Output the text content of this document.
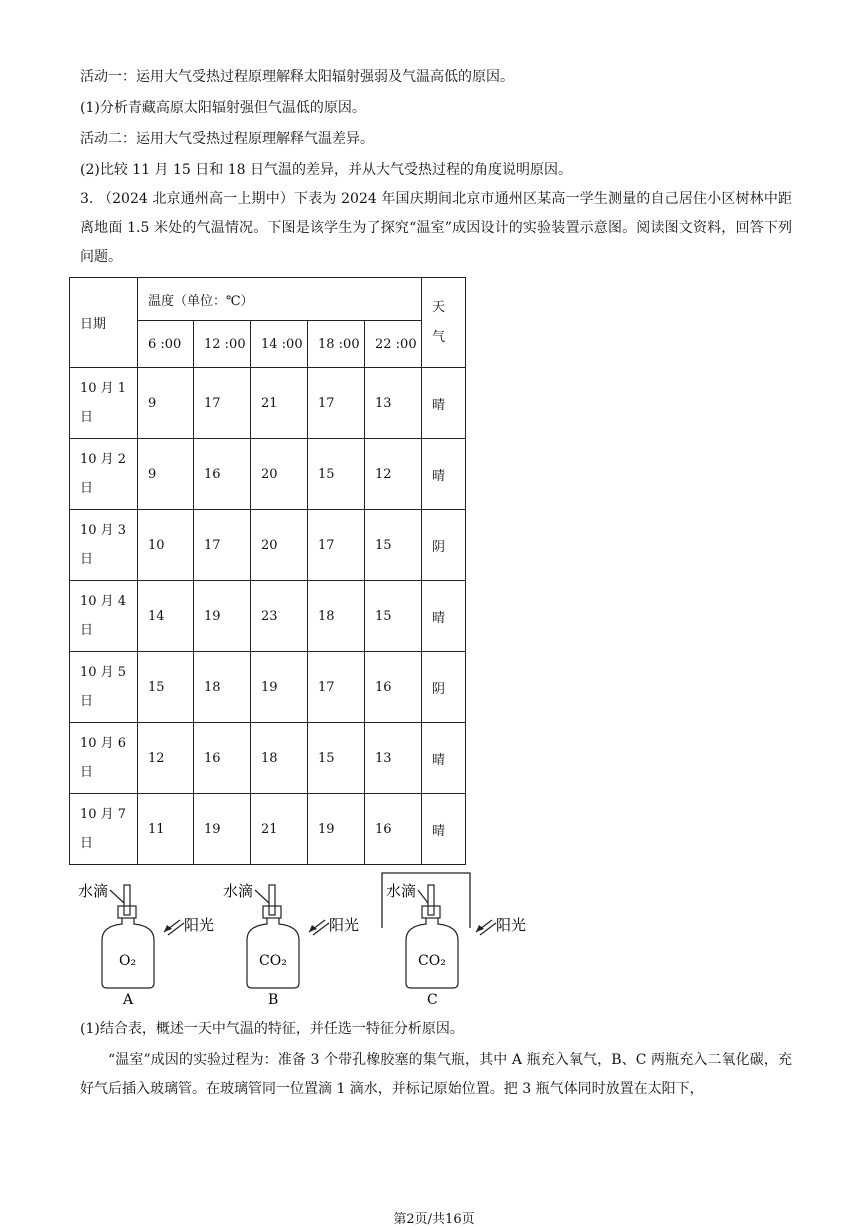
活动一：运用大气受热过程原理解释太阳辐射强弱及气温高低的原因。
(1)分析青藏高原太阳辐射强但气温低的原因。
活动二：运用大气受热过程原理解释气温差异。
(2)比较 11 月 15 日和 18 日气温的差异，并从大气受热过程的角度说明原因。
3. （2024 北京通州高一上期中）下表为 2024 年国庆期间北京市通州区某高一学生测量的自己居住小区树林中距离地面 1.5 米处的气温情况。下图是该学生为了探究“温室”成因设计的实验装置示意图。阅读图文资料，回答下列问题。
日期	温度（单位：℃）					天
气

	6 :00	12 :00	14 :00	18 :00	22 :00	

10 月 1
日	9	17	21	17	13	晴

10 月 2
日	9	16	20	15	12	晴

10 月 3
日	10	17	20	17	15	阴

10 月 4
日	14	19	23	18	15	晴

10 月 5
日	15	18	19	17	16	阴

10 月 6
日	12	16	18	15	13	晴

10 月 7
日	11	19	21	19	16	晴
水滴
O₂
A
阳光
水滴
CO₂
B
阳光
水滴
CO₂
C
阳光
(1)结合表，概述一天中气温的特征，并任选一特征分析原因。
“温室”成因的实验过程为：准备 3 个带孔橡胶塞的集气瓶，其中 A 瓶充入氧气，B、C 两瓶充入二氧化碳，充好气后插入玻璃管。在玻璃管同一位置滴 1 滴水，并标记原始位置。把 3 瓶气体同时放置在太阳下，
第2页/共16页
